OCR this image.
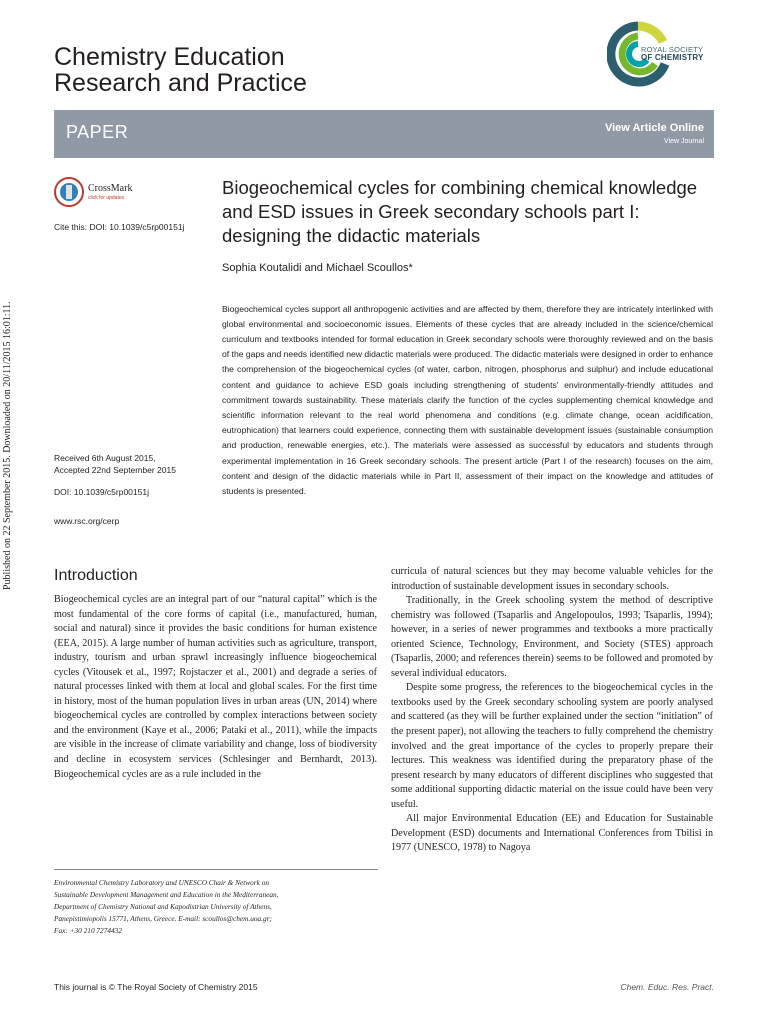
Chemistry Education
Research and Practice
ROYAL SOCIETY
OF CHEMISTRY
PAPER	View Article Online
View Journal
CrossMark
click for updates
Cite this: DOI: 10.1039/c5rp00151j
Biogeochemical cycles for combining chemical knowledge and ESD issues in Greek secondary schools part I: designing the didactic materials
Sophia Koutalidi and Michael Scoullos*

Biogeochemical cycles support all anthropogenic activities and are affected by them, therefore they are intricately interlinked with global environmental and socioeconomic issues. Elements of these cycles that are already included in the science/chemical curriculum and textbooks intended for formal education in Greek secondary schools were thoroughly reviewed and on the basis of the gaps and needs identified new didactic materials were produced. The didactic materials were designed in order to enhance the comprehension of the biogeochemical cycles (of water, carbon, nitrogen, phosphorus and sulphur) and include educational content and guidance to achieve ESD goals including strengthening of students' environmentally-friendly attitudes and commitment towards sustainability. These materials clarify the function of the cycles supplementing chemical knowledge and scientific information relevant to the real world phenomena and conditions (e.g. climate change, ocean acidification, eutrophication) that learners could experience, connecting them with sustainable development issues (sustainable consumption and production, renewable energies, etc.). The materials were assessed as successful by educators and students through experimental implementation in 16 Greek secondary schools. The present article (Part I of the research) focuses on the aim, content and design of the didactic materials while in Part II, assessment of their impact on the knowledge and attitudes of students is presented.

Received 6th August 2015,
Accepted 22nd September 2015
DOI: 10.1039/c5rp00151j
www.rsc.org/cerp
Published on 22 September 2015. Downloaded on 20/11/2015 16:01:11.	Introduction

Biogeochemical cycles are an integral part of our “natural capital” which is the most fundamental of the core forms of capital (i.e., manufactured, human, social and natural) since it provides the basic conditions for human existence (EEA, 2015). A large number of human activities such as agriculture, transport, industry, tourism and urban sprawl increasingly influence biogeochemical cycles (Vitousek et al., 1997; Rojstaczer et al., 2001) and degrade a series of natural processes linked with them at local and global scales. For the first time in history, most of the human population lives in urban areas (UN, 2014) where biogeochemical cycles are controlled by complex interactions between society and the environment (Kaye et al., 2006; Pataki et al., 2011), while the impacts are visible in the increase of climate variability and change, loss of biodiversity and decline in ecosystem services (Schlesinger and Bernhardt, 2013). Biogeochemical cycles are as a rule included in the

Environmental Chemistry Laboratory and UNESCO Chair & Network on
Sustainable Development Management and Education in the Mediterranean,
Department of Chemistry National and Kapodistrian University of Athens,
Panepistimiopolis 15771, Athens, Greece. E-mail: scoullos@chem.uoa.gr;
Fax: +30 210 7274432

curricula of natural sciences but they may become valuable vehicles for the introduction of sustainable development issues in secondary schools.

Traditionally, in the Greek schooling system the method of descriptive chemistry was followed (Tsaparlis and Angelopoulos, 1993; Tsaparlis, 1994); however, in a series of newer programmes and textbooks a more practically oriented Science, Technology, Environment, and Society (STES) approach (Tsaparlis, 2000; and references therein) seems to be followed and promoted by several individual educators.

Despite some progress, the references to the biogeochemical cycles in the textbooks used by the Greek secondary schooling system are poorly analysed and scattered (as they will be further explained under the section “initiation” of the present paper), not allowing the teachers to fully comprehend the chemistry involved and the great importance of the cycles to properly prepare their lectures. This weakness was identified during the preparatory phase of the present research by many educators of different disciplines who suggested that some additional supporting didactic material on the issue could have been very useful.

All major Environmental Education (EE) and Education for Sustainable Development (ESD) documents and International Conferences from Tbilisi in 1977 (UNESCO, 1978) to Nagoya

This journal is © The Royal Society of Chemistry 2015	Chem. Educ. Res. Pract.
